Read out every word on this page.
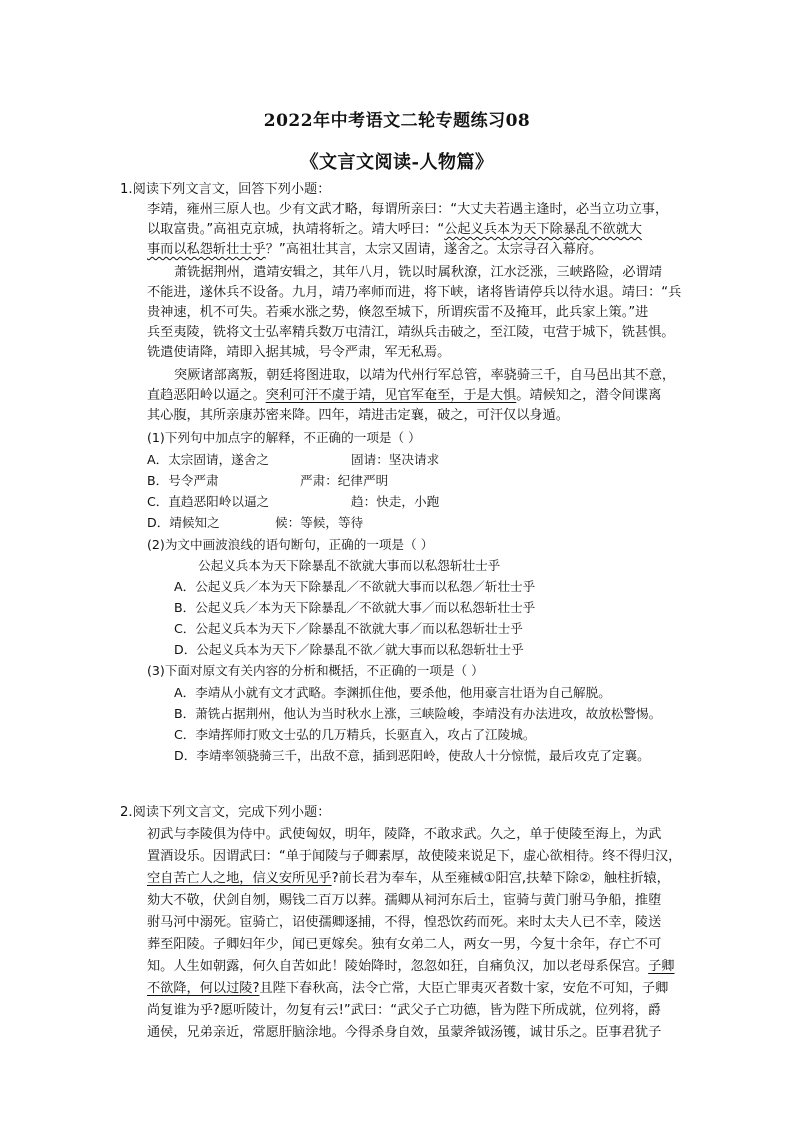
2022年中考语文二轮专题练习08
《文言文阅读-人物篇》
1.阅读下列文言文，回答下列小题：
李靖，雍州三原人也。少有文武才略，每谓所亲曰：“大丈夫若遇主逢时，必当立功立事，
以取富贵。”高祖克京城，执靖将斩之。靖大呼曰：“公起义兵本为天下除暴乱不欲就大
事而以私怨斩壮士乎？”高祖壮其言，太宗又固请，遂舍之。太宗寻召入幕府。
萧铣据荆州，遣靖安辑之，其年八月，铣以时属秋潦，江水泛涨，三峡路险，必谓靖
不能进，遂休兵不设备。九月，靖乃率师而进，将下峡，诸将皆请停兵以待水退。靖曰：“兵
贵神速，机不可失。若乘水涨之势，倏忽至城下，所谓疾雷不及掩耳，此兵家上策。”进
兵至夷陵，铣将文士弘率精兵数万屯清江，靖纵兵击破之，至江陵，屯营于城下，铣甚惧。
铣遣使请降，靖即入据其城，号令严肃，军无私焉。
突厥诸部离叛，朝廷将图进取，以靖为代州行军总管，率骁骑三千，自马邑出其不意，
直趋恶阳岭以逼之。突利可汗不虞于靖，见官军奄至，于是大惧。靖候知之，潜令间谍离
其心腹，其所亲康苏密来降。四年，靖进击定襄，破之，可汗仅以身遁。
(1)下列句中加点字的解释，不正确的一项是（ ）
A．太宗固请，遂舍之	固请：坚决请求
B．号令严肃	严肃：纪律严明
C．直趋恶阳岭以逼之	趋：快走，小跑
D．靖候知之	候：等候，等待
(2)为文中画波浪线的语句断句，正确的一项是（ ）
公起义兵本为天下除暴乱不欲就大事而以私怨斩壮士乎
A．公起义兵／本为天下除暴乱／不欲就大事而以私怨／斩壮士乎
B．公起义兵／本为天下除暴乱／不欲就大事／而以私怨斩壮士乎
C．公起义兵本为天下／除暴乱不欲就大事／而以私怨斩壮士乎
D．公起义兵本为天下／除暴乱不欲／就大事而以私怨斩壮士乎
(3)下面对原文有关内容的分析和概括，不正确的一项是（ ）
A．李靖从小就有文才武略。李渊抓住他，要杀他，他用豪言壮语为自己解脱。
B．萧铣占据荆州，他认为当时秋水上涨，三峡险峻，李靖没有办法进攻，故放松警惕。
C．李靖挥师打败文士弘的几万精兵，长驱直入，攻占了江陵城。
D．李靖率领骁骑三千，出敌不意，插到恶阳岭，使敌人十分惊慌，最后攻克了定襄。
2.阅读下列文言文，完成下列小题：
初武与李陵俱为侍中。武使匈奴，明年，陵降，不敢求武。久之，单于使陵至海上，为武
置酒设乐。因谓武曰：“单于闻陵与子卿素厚，故使陵来说足下，虚心欲相待。终不得归汉，
空自苦亡人之地，信义安所见乎?前长君为奉车，从至雍棫①阳宫,扶辇下除②，触柱折辕，
劾大不敬，伏剑自刎，赐钱二百万以葬。孺卿从祠河东后土，宦骑与黄门驸马争船，推堕
驸马河中溺死。宦骑亡，诏使孺卿逐捕，不得，惶恐饮药而死。来时太夫人已不幸，陵送
葬至阳陵。子卿妇年少，闻已更嫁矣。独有女弟二人，两女一男，今复十余年，存亡不可
知。人生如朝露，何久自苦如此！陵始降时，忽忽如狂，自痛负汉，加以老母系保宫。子卿
不欲降，何以过陵?且陛下春秋高，法令亡常，大臣亡罪夷灭者数十家，安危不可知，子卿
尚复谁为乎?愿听陵计，勿复有云!”武曰：“武父子亡功德，皆为陛下所成就，位列将，爵
通侯，兄弟亲近，常愿肝脑涂地。今得杀身自效，虽蒙斧钺汤镬，诚甘乐之。臣事君犹子
